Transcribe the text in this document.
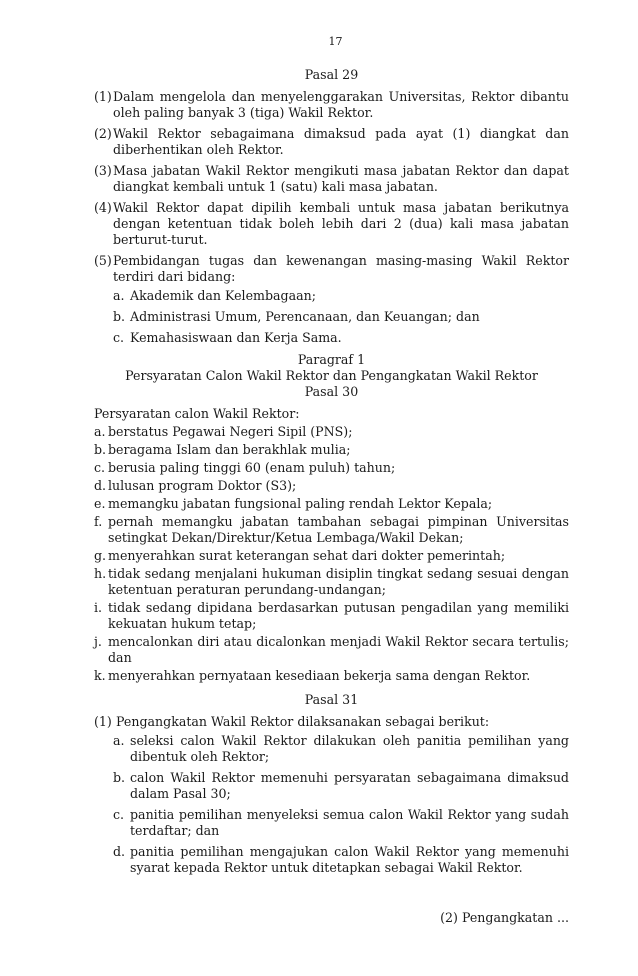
17
Pasal 29
(1) Dalam mengelola dan menyelenggarakan Universitas, Rektor dibantu oleh paling banyak 3 (tiga) Wakil Rektor.
(2) Wakil Rektor sebagaimana dimaksud pada ayat (1) diangkat dan diberhentikan oleh Rektor.
(3) Masa jabatan Wakil Rektor mengikuti masa jabatan Rektor dan dapat diangkat kembali untuk 1 (satu) kali masa jabatan.
(4) Wakil Rektor dapat dipilih kembali untuk masa jabatan berikutnya dengan ketentuan tidak boleh lebih dari 2 (dua) kali masa jabatan berturut-turut.
(5) Pembidangan tugas dan kewenangan masing-masing Wakil Rektor terdiri dari bidang:
a. Akademik dan Kelembagaan;
b. Administrasi Umum, Perencanaan, dan Keuangan; dan
c. Kemahasiswaan dan Kerja Sama.
Paragraf 1
Persyaratan Calon Wakil Rektor dan Pengangkatan Wakil Rektor
Pasal 30
Persyaratan calon Wakil Rektor:
a. berstatus Pegawai Negeri Sipil (PNS);
b. beragama Islam dan berakhlak mulia;
c. berusia paling tinggi 60 (enam puluh) tahun;
d. lulusan program Doktor (S3);
e. memangku jabatan fungsional paling rendah Lektor Kepala;
f. pernah memangku jabatan tambahan sebagai pimpinan Universitas setingkat Dekan/Direktur/Ketua Lembaga/Wakil Dekan;
g. menyerahkan surat keterangan sehat dari dokter pemerintah;
h. tidak sedang menjalani hukuman disiplin tingkat sedang sesuai dengan ketentuan peraturan perundang-undangan;
i. tidak sedang dipidana berdasarkan putusan pengadilan yang memiliki kekuatan hukum tetap;
j. mencalonkan diri atau dicalonkan menjadi Wakil Rektor secara tertulis; dan
k. menyerahkan pernyataan kesediaan bekerja sama dengan Rektor.
Pasal 31
(1) Pengangkatan Wakil Rektor dilaksanakan sebagai berikut:
a. seleksi calon Wakil Rektor dilakukan oleh panitia pemilihan yang dibentuk oleh Rektor;
b. calon Wakil Rektor memenuhi persyaratan sebagaimana dimaksud dalam Pasal 30;
c. panitia pemilihan menyeleksi semua calon Wakil Rektor yang sudah terdaftar; dan
d. panitia pemilihan mengajukan calon Wakil Rektor yang memenuhi syarat kepada Rektor untuk ditetapkan sebagai Wakil Rektor.
(2) Pengangkatan ...
